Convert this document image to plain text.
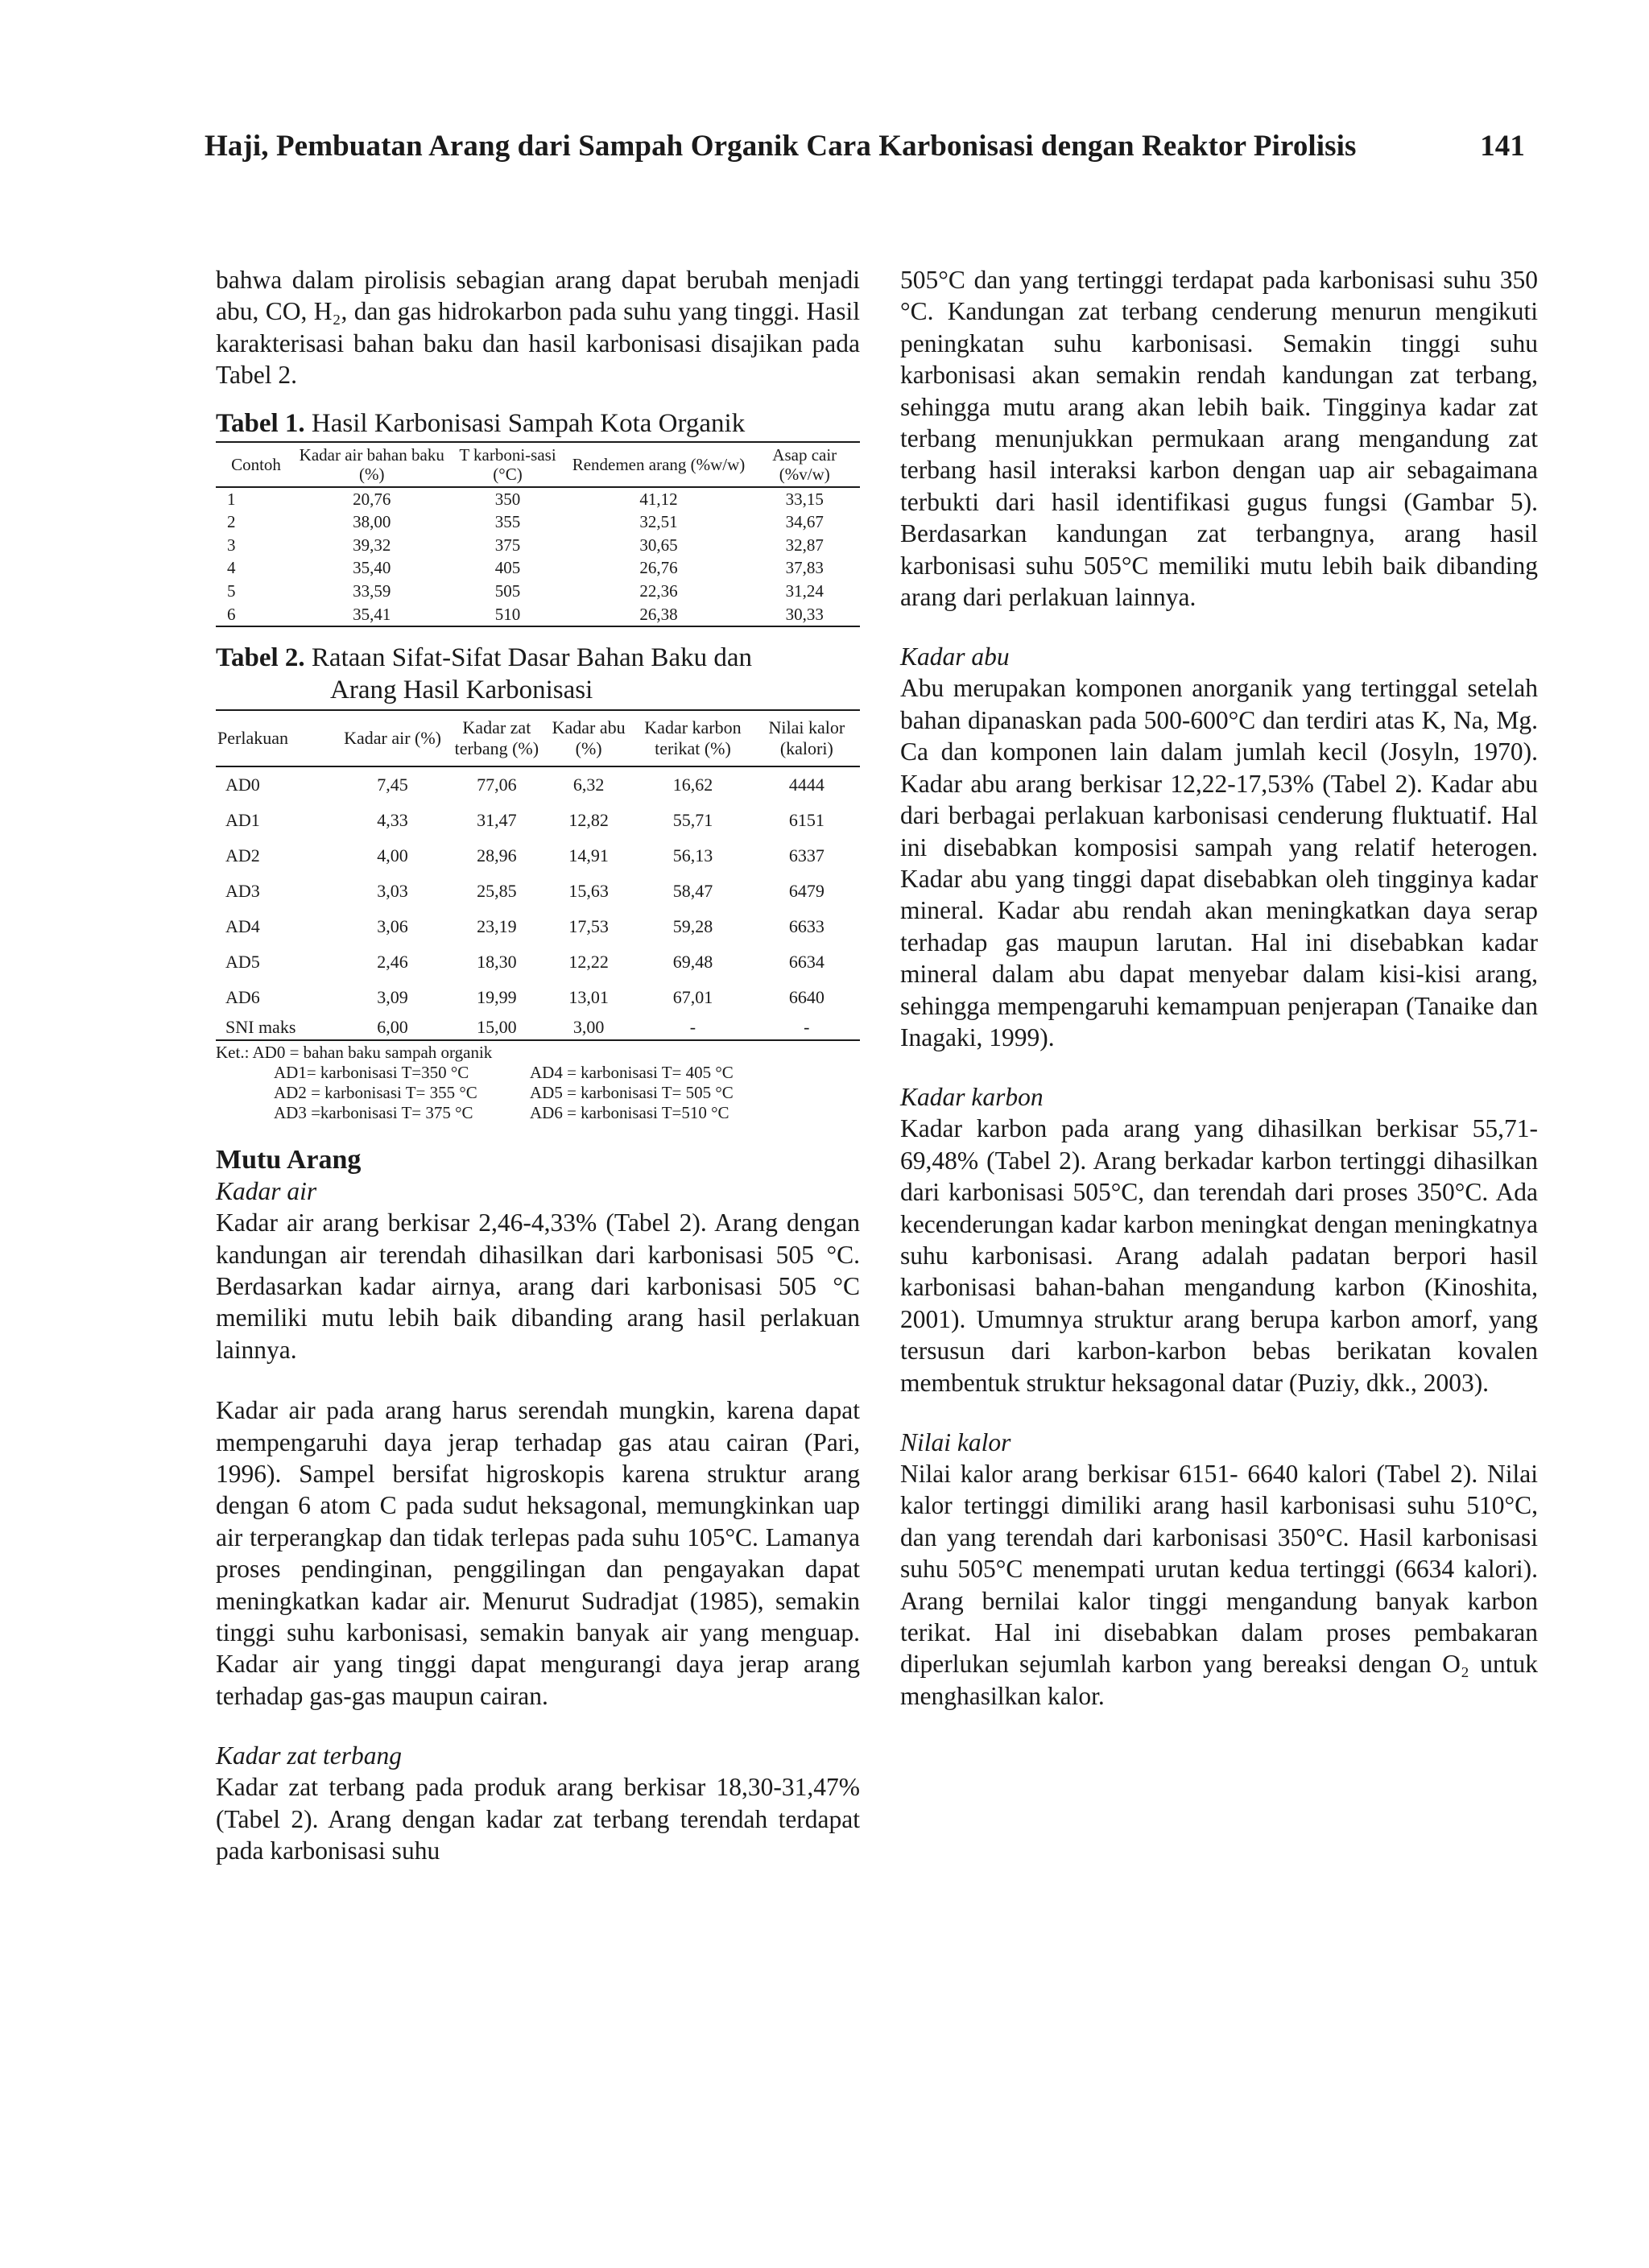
Haji, Pembuatan Arang dari Sampah Organik Cara Karbonisasi dengan Reaktor Pirolisis	141

bahwa dalam pirolisis sebagian arang dapat berubah menjadi abu, CO, H₂, dan gas hidrokarbon pada suhu yang tinggi. Hasil karakterisasi bahan baku dan hasil karbonisasi disajikan pada Tabel 2.

Tabel 1. Hasil Karbonisasi Sampah Kota Organik
Contoh	Kadar air bahan baku (%)	T karboni-sasi (°C)	Rendemen arang (%w/w)	Asap cair (%v/w)
1	20,76	350	41,12	33,15
2	38,00	355	32,51	34,67
3	39,32	375	30,65	32,87
4	35,40	405	26,76	37,83
5	33,59	505	22,36	31,24
6	35,41	510	26,38	30,33
Tabel 2. Rataan Sifat-Sifat Dasar Bahan Baku dan
Arang Hasil Karbonisasi
Perlakuan	Kadar air (%)	Kadar zat terbang (%)	Kadar abu (%)	Kadar karbon terikat (%)	Nilai kalor (kalori)
AD0	7,45	77,06	6,32	16,62	4444
AD1	4,33	31,47	12,82	55,71	6151
AD2	4,00	28,96	14,91	56,13	6337
AD3	3,03	25,85	15,63	58,47	6479
AD4	3,06	23,19	17,53	59,28	6633
AD5	2,46	18,30	12,22	69,48	6634
AD6	3,09	19,99	13,01	67,01	6640
SNI maks	6,00	15,00	3,00	-	-
Ket.: AD0 = bahan baku sampah organik
AD1= karbonisasi T=350 °C	AD4 = karbonisasi T= 405 °C
AD2 = karbonisasi T= 355 °C	AD5 = karbonisasi T= 505 °C
AD3 =karbonisasi T= 375 °C	AD6 = karbonisasi T=510 °C
Mutu Arang
Kadar air

Kadar air arang berkisar 2,46-4,33% (Tabel 2). Arang dengan kandungan air terendah dihasilkan dari karbonisasi 505 °C. Berdasarkan kadar airnya, arang dari karbonisasi 505 °C memiliki mutu lebih baik dibanding arang hasil perlakuan lainnya.

Kadar air pada arang harus serendah mungkin, karena dapat mempengaruhi daya jerap terhadap gas atau cairan (Pari, 1996). Sampel bersifat higroskopis karena struktur arang dengan 6 atom C pada sudut heksagonal, memungkinkan uap air terperangkap dan tidak terlepas pada suhu 105°C. Lamanya proses pendinginan, penggilingan dan pengayakan dapat meningkatkan kadar air. Menurut Sudradjat (1985), semakin tinggi suhu karbonisasi, semakin banyak air yang menguap. Kadar air yang tinggi dapat mengurangi daya jerap arang terhadap gas-gas maupun cairan.

Kadar zat terbang

Kadar zat terbang pada produk arang berkisar 18,30-31,47% (Tabel 2). Arang dengan kadar zat terbang terendah terdapat pada karbonisasi suhu

505°C dan yang tertinggi terdapat pada karbonisasi suhu 350 °C. Kandungan zat terbang cenderung menurun mengikuti peningkatan suhu karbonisasi. Semakin tinggi suhu karbonisasi akan semakin rendah kandungan zat terbang, sehingga mutu arang akan lebih baik. Tingginya kadar zat terbang menunjukkan permukaan arang mengandung zat terbang hasil interaksi karbon dengan uap air sebagaimana terbukti dari hasil identifikasi gugus fungsi (Gambar 5). Berdasarkan kandungan zat terbangnya, arang hasil karbonisasi suhu 505°C memiliki mutu lebih baik dibanding arang dari perlakuan lainnya.

Kadar abu

Abu merupakan komponen anorganik yang tertinggal setelah bahan dipanaskan pada 500-600°C dan terdiri atas K, Na, Mg. Ca dan komponen lain dalam jumlah kecil (Josyln, 1970). Kadar abu arang berkisar 12,22-17,53% (Tabel 2). Kadar abu dari berbagai perlakuan karbonisasi cenderung fluktuatif. Hal ini disebabkan komposisi sampah yang relatif heterogen. Kadar abu yang tinggi dapat disebabkan oleh tingginya kadar mineral. Kadar abu rendah akan meningkatkan daya serap terhadap gas maupun larutan. Hal ini disebabkan kadar mineral dalam abu dapat menyebar dalam kisi-kisi arang, sehingga mempengaruhi kemampuan penjerapan (Tanaike dan Inagaki, 1999).

Kadar karbon

Kadar karbon pada arang yang dihasilkan berkisar 55,71-69,48% (Tabel 2). Arang berkadar karbon tertinggi dihasilkan dari karbonisasi 505°C, dan terendah dari proses 350°C. Ada kecenderungan kadar karbon meningkat dengan meningkatnya suhu karbonisasi. Arang adalah padatan berpori hasil karbonisasi bahan-bahan mengandung karbon (Kinoshita, 2001). Umumnya struktur arang berupa karbon amorf, yang tersusun dari karbon-karbon bebas berikatan kovalen membentuk struktur heksagonal datar (Puziy, dkk., 2003).

Nilai kalor

Nilai kalor arang berkisar 6151- 6640 kalori (Tabel 2). Nilai kalor tertinggi dimiliki arang hasil karbonisasi suhu 510°C, dan yang terendah dari karbonisasi 350°C. Hasil karbonisasi suhu 505°C menempati urutan kedua tertinggi (6634 kalori). Arang bernilai kalor tinggi mengandung banyak karbon terikat. Hal ini disebabkan dalam proses pembakaran diperlukan sejumlah karbon yang bereaksi dengan O₂ untuk menghasilkan kalor.
